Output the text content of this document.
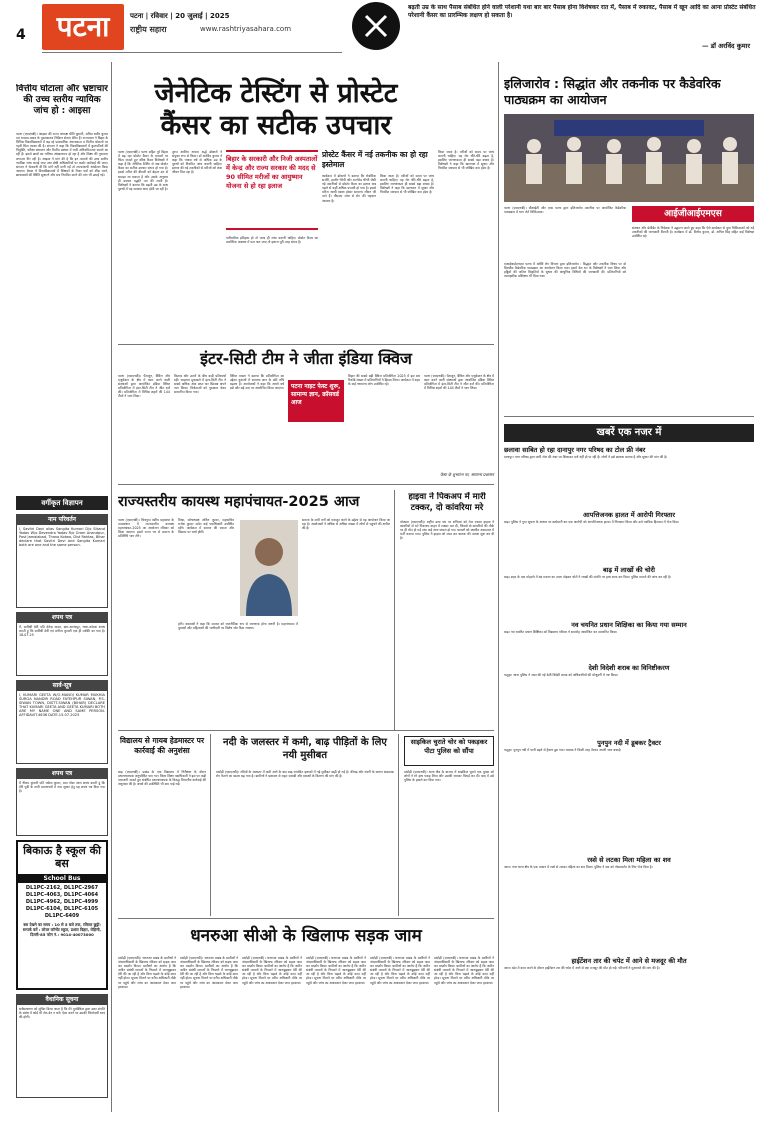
4 पटना	पटना | रविवार | 20 जुलाई | 2025
राष्ट्रीय सहारा	www.rashtriyasahara.com
बढ़ती उम्र के साथ पैसाब संबंधित होने वाली परेशानी यथा बार बार पैसाब होना विशेषकर रात में, पैसाब में रुकावट, पैसाब में खून आदि का आना प्रोस्टेट संबंधित परेशानी कैंसर का प्रारम्भिक लक्षण हो सकता है।
— डॉ अरविंद कुमार
वित्तीय घोटाला और भ्रष्टाचार की उच्च स्तरीय न्यायिक जांच हो : आइसा
पटना (एसएनबी)। आइसा की राज्य अध्यक्ष प्रीति कुमारी, सचिव सबीर कुमार एवं भवदय-यादव के पुस्तकालय निर्देशन सेवाएं प्रेरित हैं। राज्यपाल ने बिहार के विभिन्न विश्वविद्यालयों में बढ़ रहे प्रशासनिक अराजकता व वित्तीय घोटालों पर गहरी चिंता व्यक्त की है। संगठन ने कहा कि विश्वविद्यालयों में कुलपतियों की नियुक्ति, परीक्षा संचालन और वित्तीय प्रबंधन में भारी अनियमितताएं सामने आ रही हैं। इससे छात्रों का भविष्य अंधकारमय हो रहा है और शिक्षा की गुणवत्ता लगातार गिर रही है। आइसा ने मांग की है कि इन मामलों की उच्च स्तरीय न्यायिक जांच कराई जाए तथा दोषी अधिकारियों पर कठोर कार्रवाई की जाए। संगठन ने चेतावनी दी कि मांगें नहीं मानी गईं तो राज्यव्यापी आंदोलन किया जाएगा। बैठक में विश्वविद्यालयों में शिक्षकों के रिक्त पदों को शीघ्र भरने, छात्रावासों की स्थिति सुधारने और सत्र नियमित करने की मांग भी उठाई गई।
वर्गीकृत विज्ञापन
नाम परिवर्तन
I, Savitri Devi alias Sangita Kumari D/o Sikand Yadav W/o Devendra Yadav R/o Gram Anandpur, Post Jamalabad, Thana Kotwa, Dist Rohtas, Bihar declare that Savitri Devi and Sangita Kumari both are one and the same person.
शपथ पत्र
मैं, सावित्री देवी पति देवेन्द्र यादव, ग्राम-आनंदपुर, थाना-कोटवा शपथ करती हूं कि सावित्री देवी एवं संगीता कुमारी एक ही व्यक्ति का नाम है। 18.07.25
सार्व-सूत्र
I, KUMARI GEETA W/O-MANOJ KUMAR MUKHIA SURGA NANDIR ROAD FATEHPUR SIWAN, P.S-SIWAN TOWN, DISTT-SIWAN (BIHAR) DECLARE THAT KUMARI GEETA AND GEETA KUMARI BOTH ARE MY NAME ONE AND SAME PERSON. AFFIDAVIT.4636 DATE.15.07.2025
शपथ पत्र
मैं नीलम कुमारी पति राकेश कुमार, ग्राम पोस्ट आरा शपथ करती हूं कि मेरी पुत्री के सभी प्रमाणपत्रों में नाम सुधार हेतु यह शपथ पत्र दिया गया है।
बिकाऊ है स्कूल की बस
School Bus
DL1PC-2162, DL1PC-2967
DL1PC-4063, DL1PC-4064
DL1PC-4962, DL1PC-4999
DL1PC-6104, DL1PC-6105
DL1PC-6409
बस देखने का समय : 10 से 5 बजे तक, रविवार छुट्टी। सम्पर्क करें : लोरल कॉन्वेंट स्कूल, प्रशांत विहार, रोहिणी, दिल्ली-85 फोन नं.: 9014-40073000
वैधानिक सूचना
सर्वसाधारण को सूचित किया जाता है कि मेरे मुवक्किल द्वारा उक्त संपत्ति के संबंध में कोई भी लेन-देन न करें। ऐसा करने पर उसकी जिम्मेदारी स्वयं की होगी।
जेनेटिक टेस्टिंग से प्रोस्टेट
कैंसर का सटीक उपचार
पटना (एसएनबी)। पटना सहित पूरे बिहार में बढ़ रहा प्रोस्टेट कैंसर के मामलों पर चिंता जताते हुए वरिष्ठ कैंसर विशेषज्ञों ने कहा है कि जेनेटिक टेस्टिंग से अब प्रोस्टेट कैंसर का सटीक उपचार संभव हो गया है। इससे मरीज की बीमारी को बेहतर ढंग से समझा जा सकता है और उसके अनुसार ही उपचार पद्धति तय की जाती है। विशेषज्ञों ने बताया कि बढ़ती उम्र के साथ पुरुषों में यह समस्या आम होती जा रही है।
तुरुत आलिम नायाय अर्द्ध डॉक्टरों ने संयुक्त रूप से किया। डॉ अरविंद कुमार ने कहा कि पचास वर्ष से अधिक उम्र के पुरुषों को नियमित जांच करानी चाहिए। इलाज की नई तकनीकों से मरीजों को लंबा जीवन मिल रहा है।
बिहार के सरकारी और निजी अस्पतालों में केन्द्र और राज्य सरकार की मदद से 90 सीमित मरीजों का आयुष्मान योजना से हो रहा इलाज
पारिवारिक इतिहास हो तो जल्द ही जांच करानी चाहिए। प्रोस्टेट कैंसर का प्रारम्भिक अवस्था में पता चल जाए तो इलाज पूरी तरह संभव है।
प्रोस्टेट कैंसर में नई तकनीक का हो रहा इस्तेमाल
कार्यक्रम में डॉक्टरों ने बताया कि रोबोटिक सर्जरी, हार्मोन थेरेपी और टारगेटेड थेरेपी जैसी नई तकनीकों से प्रोस्टेट कैंसर का इलाज अब पहले से कहीं अधिक प्रभावी हो गया है। इससे मरीज जल्दी स्वस्थ होकर सामान्य जीवन जी पाते हैं। पीएसए जांच से रोग की पहचान आसान है।
किया जाता है। मरीजों को समय पर जांच करानी चाहिए। यह रोग धीरे-धीरे बढ़ता है, इसलिए जागरूकता ही सबसे बड़ा बचाव है। विशेषज्ञों ने कहा कि खानपान में सुधार और नियमित व्यायाम से भी जोखिम कम होता है।
किया जाता है। मरीजों को समय पर जांच करानी चाहिए। यह रोग धीरे-धीरे बढ़ता है, इसलिए जागरूकता ही सबसे बड़ा बचाव है। विशेषज्ञों ने कहा कि खानपान में सुधार और नियमित व्यायाम से भी जोखिम कम होता है।
इलिजारोव : सिद्धांत और तकनीक पर कैडेवरिक पाठ्यक्रम का आयोजन
पटना (एसएनबी)। बीआईटी और एम्स पटना द्वारा इलिजारोव तकनीक पर आयोजित कैडेवरिक पाठ्यक्रम में भाग लेते चिकित्सक।
एआईआईएमएस पटना में अस्थि रोग विभाग द्वारा इलिजारोव : सिद्धांत और तकनीक विषय पर दो दिवसीय कैडेवरिक पाठ्यक्रम का आयोजन किया गया। इसमें देश भर के विशेषज्ञों ने भाग लिया और हड्डियों की जटिल विकृतियों के सुधार की आधुनिक विधियों की जानकारी दी। प्रतिभागियों को व्यावहारिक प्रशिक्षण भी दिया गया।
आईजीआईएमएस
संस्थान और प्रेसीडेंट के निदेशक ने उद्घाटन करते हुए कहा कि ऐसे कार्यक्रम से युवा चिकित्सकों को नई तकनीकों की जानकारी मिलती है। कार्यक्रम में डॉ. विनोद कुमार, डॉ. अनिल सिंह सहित कई विशेषज्ञ उपस्थित रहे।
इंटर-सिटी टीम ने जीता इंडिया क्विज
पटना (एसएनबी)। पैंटालून, बैंकिंग और एजुकेशन के क्षेत्र में काम करने वाली संस्थाओं द्वारा आयोजित इंडिया क्विज प्रतियोगिता में इंटर-सिटी टीम ने जीत दर्ज की। प्रतियोगिता में विभिन्न शहरों की 144 टीमों ने भाग लिया।
किताब और उत्तरों के बीच कड़ी प्रतिस्पर्धा रही। फाइनल मुकाबले में इंटर-सिटी टीम ने सबसे अधिक अंक प्राप्त कर खिताब अपने नाम किया। विजेताओं को पुरस्कार देकर सम्मानित किया गया।
क्विज मास्टर ने बताया कि प्रतियोगिता का उद्देश्य युवाओं में सामान्य ज्ञान के प्रति रुचि बढ़ाना है। आयोजकों ने कहा कि अगले वर्ष इसे और बड़े स्तर पर आयोजित किया जाएगा। पटना नाइट फेस्ट शुरू, सामान्य ज्ञान, क्रॉसवर्ड आज
बिहार की सबसे बड़ी क्विज प्रतियोगिता 2025 में इस बार रिकॉर्ड संख्या में प्रतिभागियों ने हिस्सा लिया। कार्यक्रम में शहर के कई गणमान्य लोग उपस्थित रहे।
पटना (एसएनबी)। पैंटालून, बैंकिंग और एजुकेशन के क्षेत्र में काम करने वाली संस्थाओं द्वारा आयोजित इंडिया क्विज प्रतियोगिता में इंटर-सिटी टीम ने जीत दर्ज की। प्रतियोगिता में विभिन्न शहरों की 144 टीमों ने भाग लिया।
फेस्ट के शुभारंभ पर, सामान्य प्रशासन
खबरें एक नजर में
छलावा साबित हो रहा दानापुर नगर परिषद का टोल फ्री नंबर
दानापुर। नगर परिषद द्वारा जारी टोल फ्री नंबर पर शिकायत दर्ज नहीं हो पा रही है। लोगों ने इसे छलावा बताया है और सुधार की मांग की है।
आपत्तिजनक हालत में आरोपी गिरफ्तार
बाढ़। पुलिस ने गुप्त सूचना के आधार पर छापेमारी कर एक आरोपी को आपत्तिजनक हालत में गिरफ्तार किया और उसे न्यायिक हिरासत में भेज दिया।
बाढ़ में लाखों की चोरी
बाढ़। शहर के एक मोहल्ले में बंद मकान का ताला तोड़कर चोरों ने लाखों की संपत्ति पर हाथ साफ कर दिया। पुलिस मामले की जांच कर रही है।
नव चयनित प्रधान शिक्षिका का किया गया सम्मान
बाढ़। नव चयनित प्रधान शिक्षिका को विद्यालय परिवार ने समारोह आयोजित कर सम्मानित किया।
देशी विदेशी शराब का विनिष्टीकरण
फतुहा। थाना पुलिस ने जब्त की गई देशी विदेशी शराब को अधिकारियों की मौजूदगी में नष्ट किया।
पुनपुन नदी में डूबकर ट्रैक्टर
फतुहा। पुनपुन नदी में पानी बढ़ने से ट्रैक्टर डूब गया। चालक ने किसी तरह तैरकर अपनी जान बचाई।
रस्से से लटका मिला महिला का शव
आरा। नगर थाना क्षेत्र के एक मकान में रस्से से लटका महिला का शव मिला। पुलिस ने शव को पोस्टमार्टम के लिए भेज दिया है।
हाईटेंशन तार की चपेट में आने से मजदूर की मौत
आरा। खेत में काम करने के दौरान हाईटेंशन तार की चपेट में आने से एक मजदूर की मौत हो गई। परिजनों ने मुआवजे की मांग की है।
राज्यस्तरीय कायस्थ महापंचायत-2025 आज
पटना (एसएनबी)। चित्रगुप्त वंशीय महासभा के तत्वावधान में राज्यस्तरीय कायस्थ महापंचायत-2025 का आयोजन रविवार को किया जाएगा। इसमें राज्य भर से समाज के प्रतिनिधि भाग लेंगे।
मिश्रा, कोषाध्यक्ष अनिल कुमार, महासचिव राजेश कुमार समेत कई पदाधिकारी उपस्थित रहेंगे। कार्यक्रम में समाज की एकता और विकास पर चर्चा होगी।
होंगे। वक्ताओं ने कहा कि समाज को राजनीतिक रूप से जागरूक होना जरूरी है। महापंचायत में युवाओं और महिलाओं की भागीदारी पर विशेष जोर दिया जाएगा।
समाज के सभी वर्गों को एकजुट करने के उद्देश्य से यह आयोजन किया जा रहा है। आयोजकों ने अधिक से अधिक संख्या में लोगों से पहुंचने की अपील की है।
हाइवा ने पिकअप में मारी टक्कर, दो कांवरिया मरे
मोकामा (एसएनबी)। राष्ट्रीय उच्च पथ पर शनिवार को तेज रफ्तार हाइवा ने कांवरियों से भरे पिकअप वाहन में टक्कर मार दी, जिससे दो कांवरियों की मौके पर ही मौत हो गई तथा कई अन्य घायल हो गए। घायलों को स्थानीय अस्पताल में भर्ती कराया गया। पुलिस ने हाइवा को जब्त कर चालक की तलाश शुरू कर दी है।
विद्यालय से गायब हेडमास्टर पर कार्रवाई की अनुशंसा
बाढ़ (एसएनबी)। प्रखंड के एक विद्यालय में निरीक्षण के दौरान प्रधानाध्यापक अनुपस्थित पाए गए। जिला शिक्षा पदाधिकारी ने इस पर कड़ी नाराजगी जताते हुए संबंधित प्रधानाध्यापक के विरुद्ध विभागीय कार्रवाई की अनुशंसा की है। बच्चों की उपस्थिति भी कम पाई गई।
नदी के जलस्तर में कमी, बाढ़ पीड़ितों के लिए नयी मुसीबत
मसौढ़ी (एसएनबी)। नदियों के जलस्तर में कमी आने के बाद बाढ़ प्रभावित इलाकों में नई मुसीबत खड़ी हो गई है। कीचड़ और गंदगी के कारण संक्रामक रोग फैलने का खतरा बढ़ गया है। ग्रामीणों ने प्रशासन से राहत सामग्री और दवाओं के वितरण की मांग की है।
साइकिल चुराते चोर को पकड़कर पीटा पुलिस को सौंपा
मसौढ़ी (एसएनबी)। थाना क्षेत्र के बाजार में साइकिल चुराते एक युवक को लोगों ने रंगे हाथ पकड़ लिया और उसकी जमकर पिटाई कर दी। बाद में उसे पुलिस के हवाले कर दिया गया।
धनरुआ सीओ के खिलाफ सड़क जाम
मसौढ़ी (एसएनबी)। धनरुआ प्रखंड के ग्रामीणों ने अंचलाधिकारी के खिलाफ रविवार को सड़क जाम कर प्रदर्शन किया। ग्रामीणों का आरोप है कि जमीन संबंधी मामलों के निपटारे में जानबूझकर देरी की जा रही है और बिना चढ़ावे के कोई काम नहीं होता। सूचना मिलने पर वरीय अधिकारी मौके पर पहुंचे और जांच का आश्वासन देकर जाम हटवाया।
मसौढ़ी (एसएनबी)। धनरुआ प्रखंड के ग्रामीणों ने अंचलाधिकारी के खिलाफ रविवार को सड़क जाम कर प्रदर्शन किया। ग्रामीणों का आरोप है कि जमीन संबंधी मामलों के निपटारे में जानबूझकर देरी की जा रही है और बिना चढ़ावे के कोई काम नहीं होता। सूचना मिलने पर वरीय अधिकारी मौके पर पहुंचे और जांच का आश्वासन देकर जाम हटवाया।
मसौढ़ी (एसएनबी)। धनरुआ प्रखंड के ग्रामीणों ने अंचलाधिकारी के खिलाफ रविवार को सड़क जाम कर प्रदर्शन किया। ग्रामीणों का आरोप है कि जमीन संबंधी मामलों के निपटारे में जानबूझकर देरी की जा रही है और बिना चढ़ावे के कोई काम नहीं होता। सूचना मिलने पर वरीय अधिकारी मौके पर पहुंचे और जांच का आश्वासन देकर जाम हटवाया।
मसौढ़ी (एसएनबी)। धनरुआ प्रखंड के ग्रामीणों ने अंचलाधिकारी के खिलाफ रविवार को सड़क जाम कर प्रदर्शन किया। ग्रामीणों का आरोप है कि जमीन संबंधी मामलों के निपटारे में जानबूझकर देरी की जा रही है और बिना चढ़ावे के कोई काम नहीं होता। सूचना मिलने पर वरीय अधिकारी मौके पर पहुंचे और जांच का आश्वासन देकर जाम हटवाया।
मसौढ़ी (एसएनबी)। धनरुआ प्रखंड के ग्रामीणों ने अंचलाधिकारी के खिलाफ रविवार को सड़क जाम कर प्रदर्शन किया। ग्रामीणों का आरोप है कि जमीन संबंधी मामलों के निपटारे में जानबूझकर देरी की जा रही है और बिना चढ़ावे के कोई काम नहीं होता। सूचना मिलने पर वरीय अधिकारी मौके पर पहुंचे और जांच का आश्वासन देकर जाम हटवाया।
मसौढ़ी (एसएनबी)। धनरुआ प्रखंड के ग्रामीणों ने अंचलाधिकारी के खिलाफ रविवार को सड़क जाम कर प्रदर्शन किया। ग्रामीणों का आरोप है कि जमीन संबंधी मामलों के निपटारे में जानबूझकर देरी की जा रही है और बिना चढ़ावे के कोई काम नहीं होता। सूचना मिलने पर वरीय अधिकारी मौके पर पहुंचे और जांच का आश्वासन देकर जाम हटवाया।
